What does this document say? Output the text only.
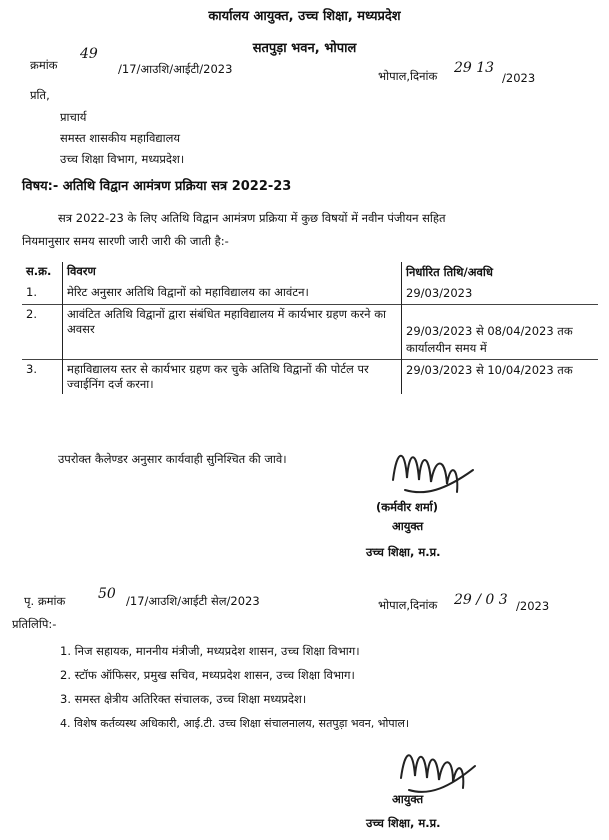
कार्यालय आयुक्त, उच्च शिक्षा, मध्यप्रदेश
सतपुड़ा भवन, भोपाल
क्रमांक
49
/17/आउशि/आईटी/2023	भोपाल,दिनांक 29 13
/2023
प्रति,
प्राचार्य
समस्त शासकीय महाविद्यालय
उच्च शिक्षा विभाग, मध्यप्रदेश।
विषय:- अतिथि विद्वान आमंत्रण प्रक्रिया सत्र 2022-23
सत्र 2022-23 के लिए अतिथि विद्वान आमंत्रण प्रक्रिया में कुछ विषयों में नवीन पंजीयन सहित
नियमानुसार समय सारणी जारी जारी की जाती है:-
स.क्र.	विवरण	निर्धारित तिथि/अवधि
1.	मेरिट अनुसार अतिथि विद्वानों को महाविद्यालय का आवंटन।	29/03/2023
2.	आवंटित अतिथि विद्वानों द्वारा संबंधित महाविद्यालय में कार्यभार ग्रहण करने का अवसर	29/03/2023 से 08/04/2023 तक कार्यालयीन समय में
3.	महाविद्यालय स्तर से कार्यभार ग्रहण कर चुके अतिथि विद्वानों की पोर्टल पर ज्वाईनिंग दर्ज करना।	29/03/2023 से 10/04/2023 तक
उपरोक्त कैलेण्डर अनुसार कार्यवाही सुनिश्चित की जावे।
(कर्मवीर शर्मा)
आयुक्त
उच्च शिक्षा, म.प्र.
पृ. क्रमांक 50 /17/आउशि/आईटी सेल/2023	भोपाल,दिनांक 29 / 0 3 /2023
प्रतिलिपि:-
1. निज सहायक, माननीय मंत्रीजी, मध्यप्रदेश शासन, उच्च शिक्षा विभाग।
2. स्टॉफ ऑफिसर, प्रमुख सचिव, मध्यप्रदेश शासन, उच्च शिक्षा विभाग।
3. समस्त क्षेत्रीय अतिरिक्त संचालक, उच्च शिक्षा मध्यप्रदेश।
4. विशेष कर्तव्यस्थ अधिकारी, आई.टी. उच्च शिक्षा संचालनालय, सतपुड़ा भवन, भोपाल।
आयुक्त
उच्च शिक्षा, म.प्र.
